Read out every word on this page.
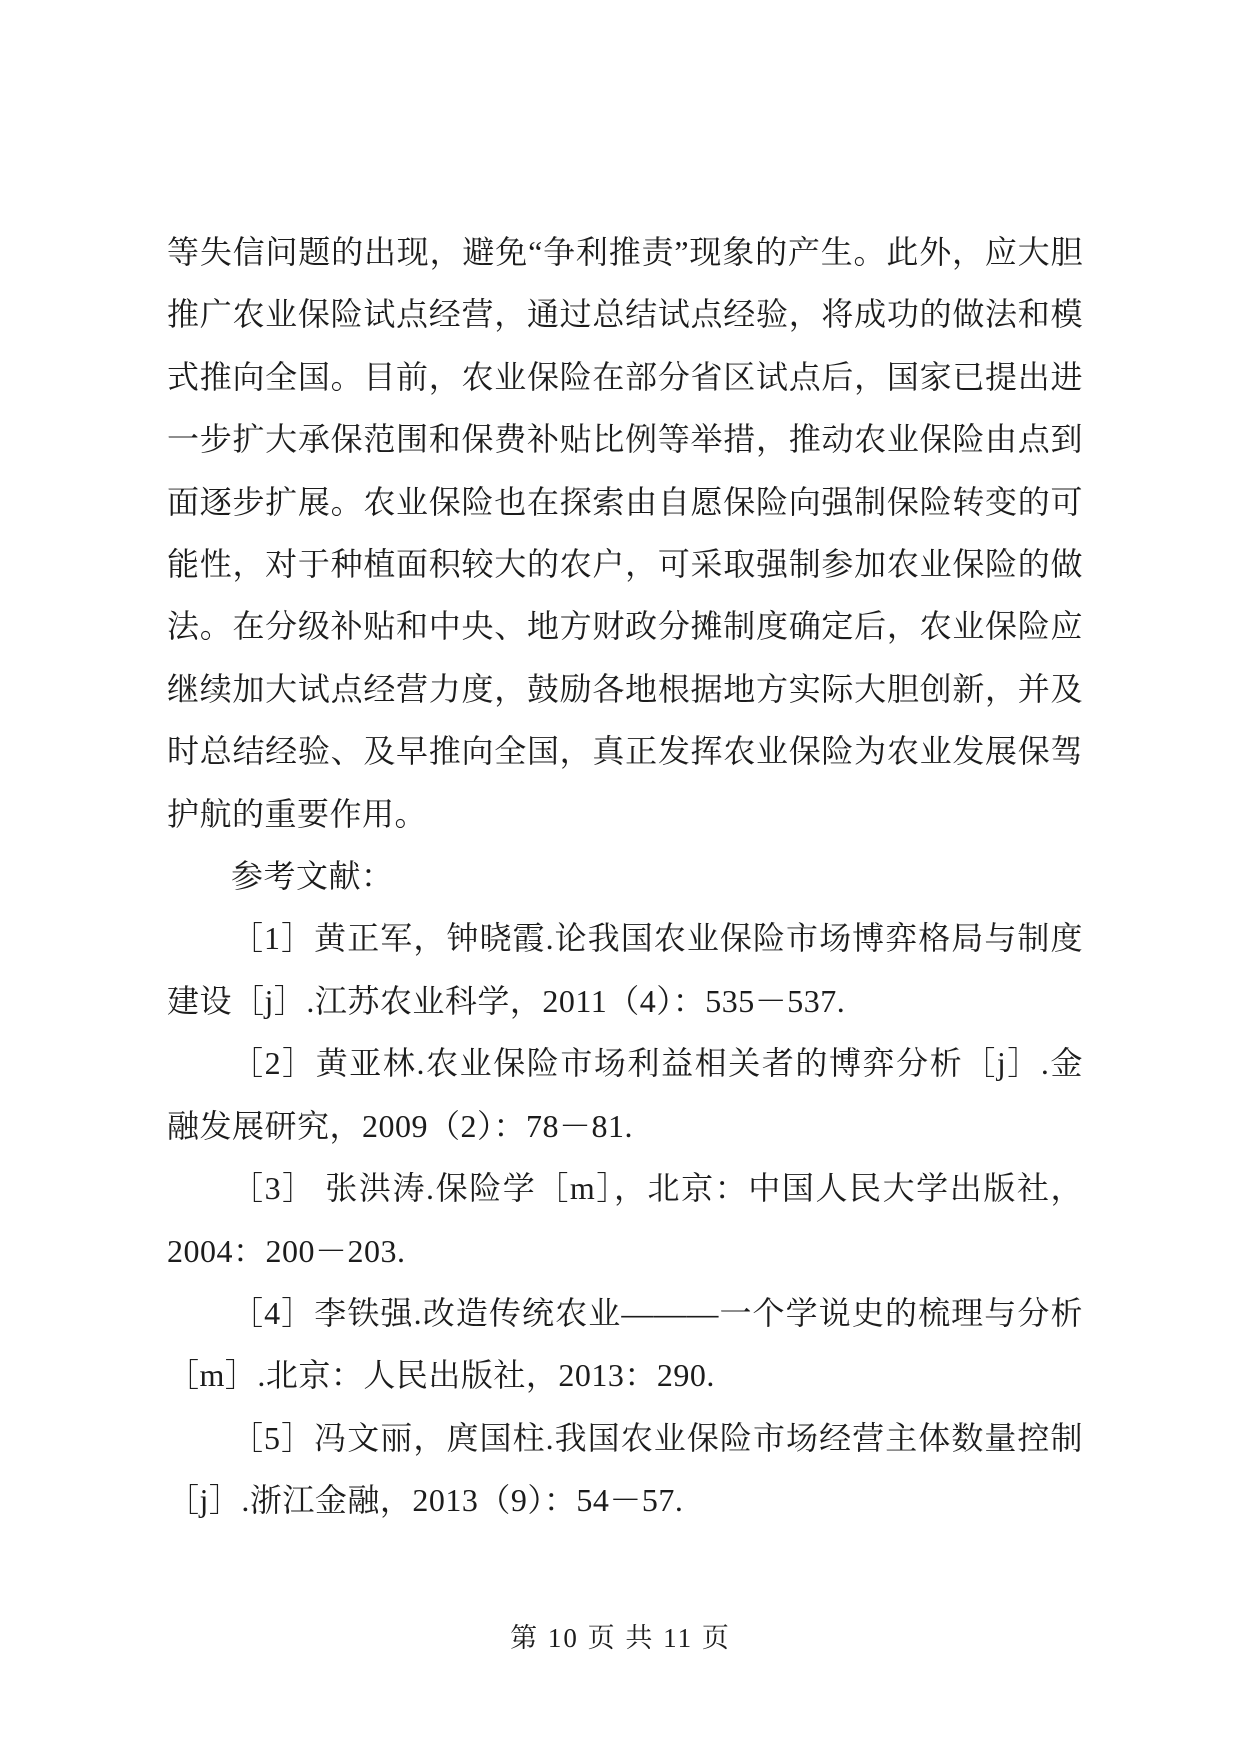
等失信问题的出现，避免“争利推责”现象的产生。此外，应大胆推广农业保险试点经营，通过总结试点经验，将成功的做法和模式推向全国。目前，农业保险在部分省区试点后，国家已提出进一步扩大承保范围和保费补贴比例等举措，推动农业保险由点到面逐步扩展。农业保险也在探索由自愿保险向强制保险转变的可能性，对于种植面积较大的农户，可采取强制参加农业保险的做法。在分级补贴和中央、地方财政分摊制度确定后，农业保险应继续加大试点经营力度，鼓励各地根据地方实际大胆创新，并及时总结经验、及早推向全国，真正发挥农业保险为农业发展保驾护航的重要作用。

参考文献：

［1］黄正军，钟晓霞.论我国农业保险市场博弈格局与制度建设［j］.江苏农业科学，2011（4）：535－537.

［2］黄亚林.农业保险市场利益相关者的博弈分析［j］.金融发展研究，2009（2）：78－81.

［3］ 张洪涛.保险学［m］，北京：中国人民大学出版社，2004：200－203.

［4］李铁强.改造传统农业———一个学说史的梳理与分析［m］.北京：人民出版社，2013：290.

［5］冯文丽，庹国柱.我国农业保险市场经营主体数量控制［j］.浙江金融，2013（9）：54－57.

第 10 页 共 11 页
